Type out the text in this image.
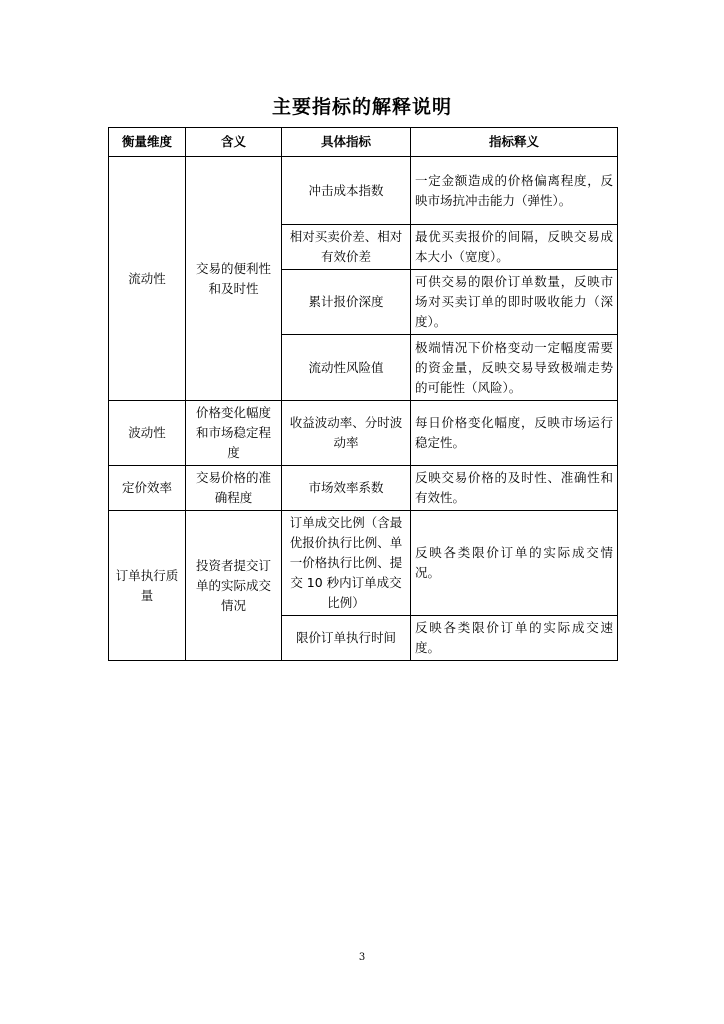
主要指标的解释说明
衡量维度	含义	具体指标	指标释义
流动性	交易的便利性和及时性	冲击成本指数	一定金额造成的价格偏离程度，反映市场抗冲击能力（弹性）。
		相对买卖价差、相对有效价差	最优买卖报价的间隔，反映交易成本大小（宽度）。
		累计报价深度	可供交易的限价订单数量，反映市场对买卖订单的即时吸收能力（深度）。
		流动性风险值	极端情况下价格变动一定幅度需要的资金量，反映交易导致极端走势的可能性（风险）。
波动性	价格变化幅度和市场稳定程度	收益波动率、分时波动率	每日价格变化幅度，反映市场运行稳定性。
定价效率	交易价格的准确程度	市场效率系数	反映交易价格的及时性、准确性和有效性。
订单执行质量	投资者提交订单的实际成交情况	订单成交比例（含最优报价执行比例、单一价格执行比例、提交 10 秒内订单成交比例）	反映各类限价订单的实际成交情况。
		限价订单执行时间	反映各类限价订单的实际成交速度。
3
